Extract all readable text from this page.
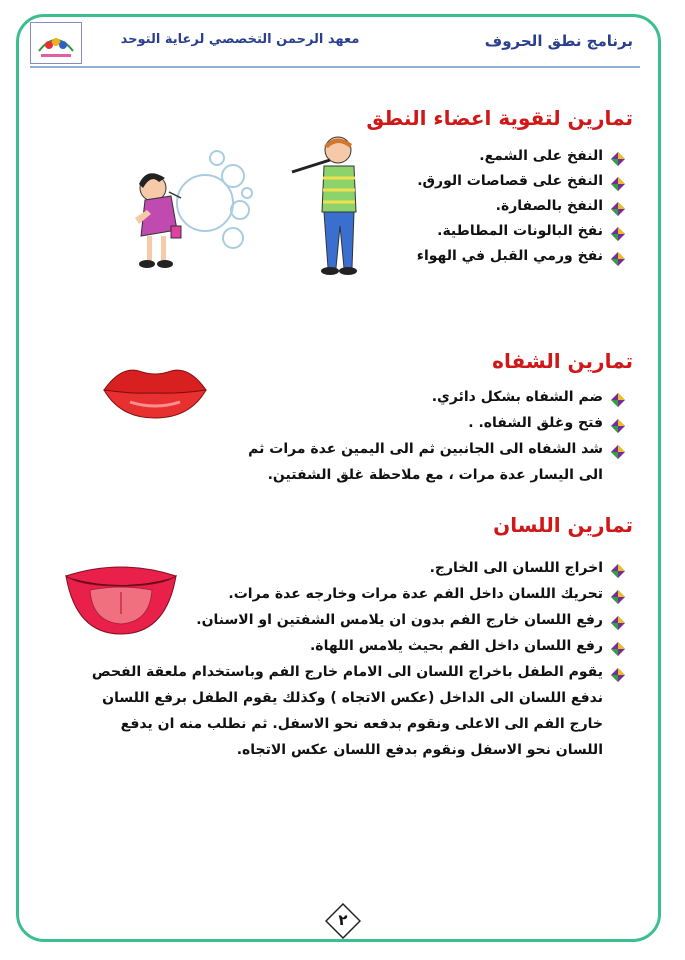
معهد الرحمن التخصصي لرعاية التوحد	برنامج نطق الحروف
تمارين لتقوية اعضاء النطق
النفخ على الشمع.
النفخ على قصاصات الورق.
النفخ بالصفارة.
نفخ البالونات المطاطية.
نفخ ورمي القبل في الهواء
تمارين الشفاه
ضم الشفاه بشكل دائري.
فتح وغلق الشفاه. .
شد الشفاه الى الجانبين ثم الى اليمين عدة مرات ثم الى اليسار عدة مرات ، مع ملاحظة غلق الشفتين.
تمارين اللسان
اخراج اللسان الى الخارج.
تحريك اللسان داخل الفم عدة مرات وخارجه عدة مرات.
رفع اللسان خارج الفم بدون ان يلامس الشفتين او الاسنان.
رفع اللسان داخل الفم بحيث يلامس اللهاة.
يقوم الطفل باخراج اللسان الى الامام خارج الفم وباستخدام ملعقة الفحص ندفع اللسان الى الداخل (عكس الاتجاه ) وكذلك يقوم الطفل برفع اللسان خارج الفم الى الاعلى ونقوم بدفعه نحو الاسفل. ثم نطلب منه ان يدفع اللسان نحو الاسفل ونقوم بدفع اللسان عكس الاتجاه.
٢
